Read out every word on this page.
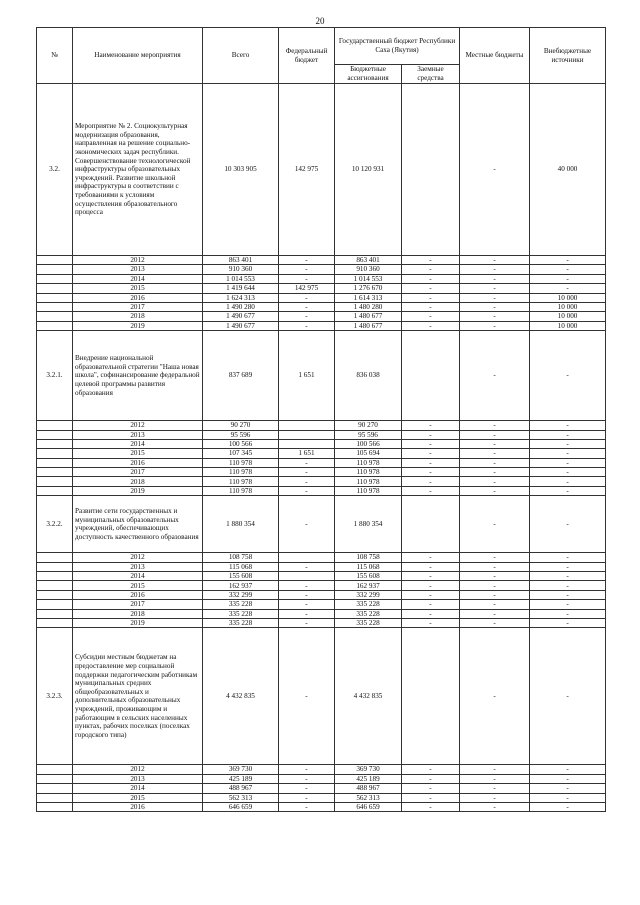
20
№	Наименование мероприятия	Всего	Федеральный бюджет	Государственный бюджет Республики Саха (Якутия)		Местные бюджеты	Внебюджетные источники
				Бюджетные ассигнования	Заемные средства		
3.2.	Мероприятие № 2. Социокультурная модернизация образования, направленная на решение социально-экономических задач республики. Совершенствование технологической инфраструктуры образовательных учреждений. Развитие школьной инфраструктуры в соответствии с требованиями к условиям осуществления образовательного процесса	10 303 905	142 975	10 120 931		-	40 000
	2012	863 401	-	863 401	-	-	-
	2013	910 360	-	910 360	-	-	-
	2014	1 014 553	-	1 014 553	-	-	-
	2015	1 419 644	142 975	1 276 670	-	-	-
	2016	1 624 313	-	1 614 313	-	-	10 000
	2017	1 490 280	-	1 480 280	-	-	10 000
	2018	1 490 677	-	1 480 677	-	-	10 000
	2019	1 490 677	-	1 480 677	-	-	10 000
3.2.1.	Внедрение национальной образовательной стратегии "Наша новая школа", софинансирование федеральной целевой программы развития образования	837 689	1 651	836 038		-	-
	2012	90 270		90 270	-	-	-
	2013	95 596		95 596	-	-	-
	2014	100 566		100 566	-	-	-
	2015	107 345	1 651	105 694	-	-	-
	2016	110 978	-	110 978	-	-	-
	2017	110 978	-	110 978	-	-	-
	2018	110 978	-	110 978	-	-	-
	2019	110 978	-	110 978	-	-	-
3.2.2.	Развитие сети государственных и муниципальных образовательных учреждений, обеспечивающих доступность качественного образования	1 880 354	-	1 880 354		-	-
	2012	108 758		108 758	-	-	-
	2013	115 068	-	115 068	-	-	-
	2014	155 608		155 608	-	-	-
	2015	162 937	-	162 937	-	-	-
	2016	332 299	-	332 299	-	-	-
	2017	335 228	-	335 228	-	-	-
	2018	335 228	-	335 228	-	-	-
	2019	335 228	-	335 228	-	-	-
3.2.3.	Субсидии местным бюджетам на предоставление мер социальной поддержки педагогическим работникам муниципальных средних общеобразовательных и дополнительных образовательных учреждений, проживающим и работающим в сельских населенных пунктах, рабочих поселках (поселках городского типа)	4 432 835	-	4 432 835		-	-
	2012	369 730	-	369 730	-	-	-
	2013	425 189	-	425 189	-	-	-
	2014	488 967	-	488 967	-	-	-
	2015	562 313	-	562 313	-	-	-
	2016	646 659	-	646 659	-	-	-
